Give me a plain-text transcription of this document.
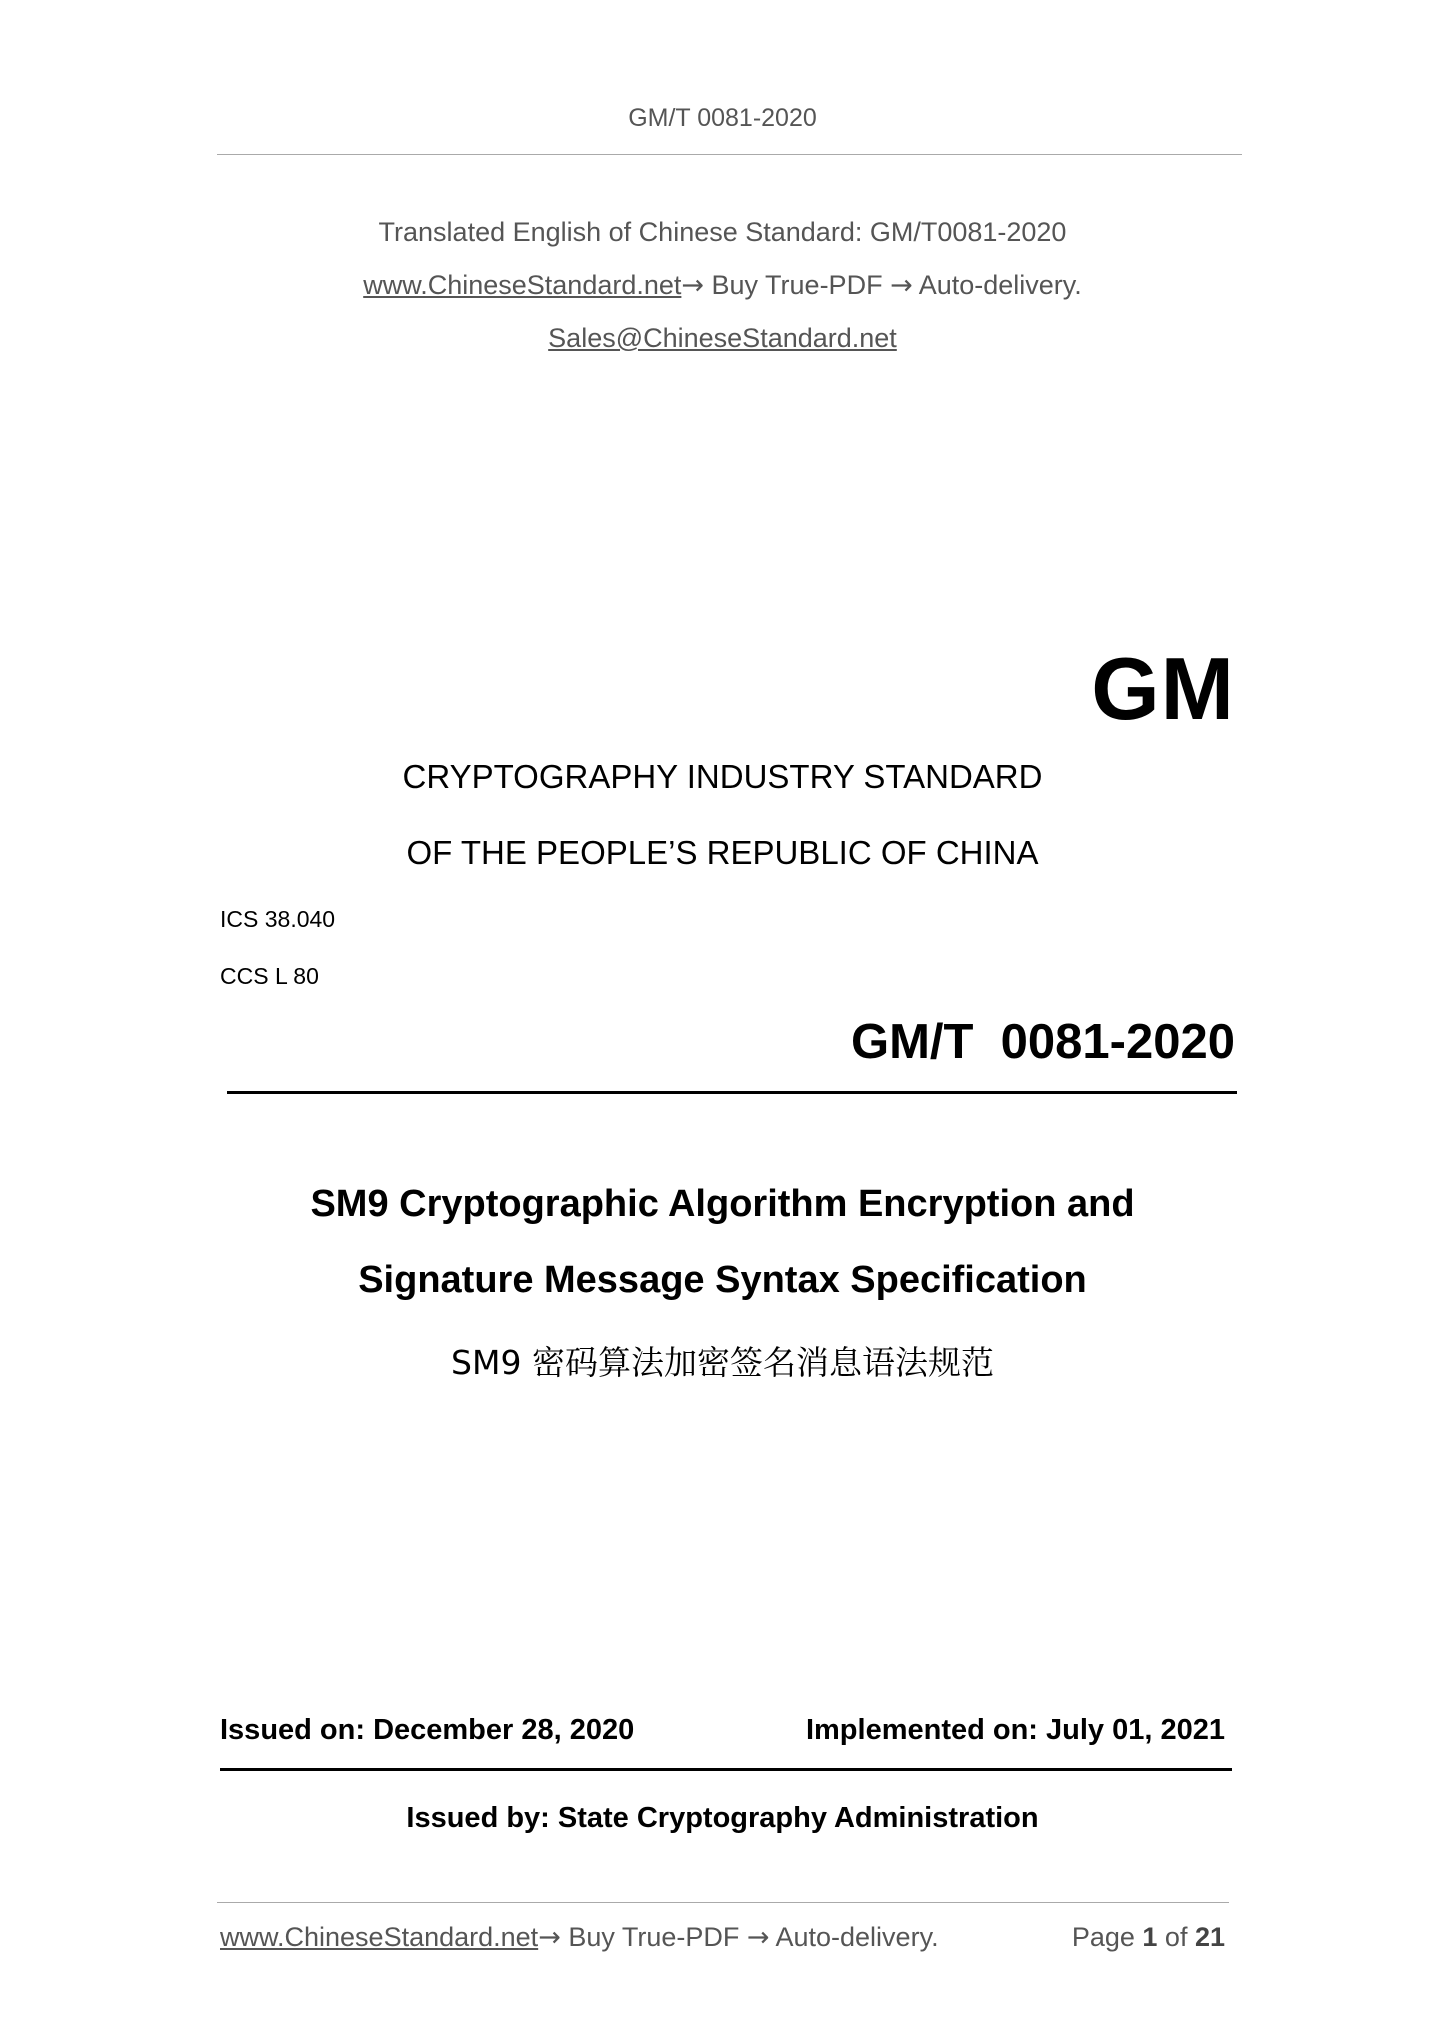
GM/T 0081-2020
Translated English of Chinese Standard: GM/T0081-2020
www.ChineseStandard.net→ Buy True-PDF → Auto-delivery.
Sales@ChineseStandard.net
GM
CRYPTOGRAPHY INDUSTRY STANDARD
OF THE PEOPLE’S REPUBLIC OF CHINA
ICS 38.040
CCS L 80
GM/T  0081-2020
SM9 Cryptographic Algorithm Encryption and
Signature Message Syntax Specification
SM9 密码算法加密签名消息语法规范
Issued on: December 28, 2020	Implemented on: July 01, 2021
Issued by: State Cryptography Administration
www.ChineseStandard.net→ Buy True-PDF → Auto-delivery.	Page 1 of 21
